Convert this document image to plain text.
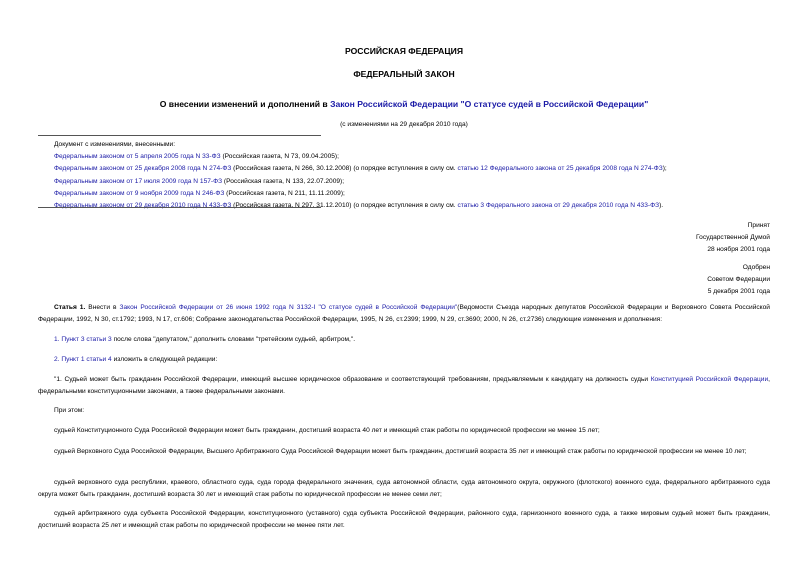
РОССИЙСКАЯ ФЕДЕРАЦИЯ
ФЕДЕРАЛЬНЫЙ ЗАКОН
О внесении изменений и дополнений в Закон Российской Федерации "О статусе судей в Российской Федерации"
(с изменениями на 29 декабря 2010 года)
Документ с изменениями, внесенными:
Федеральным законом от 5 апреля 2005 года N 33-ФЗ (Российская газета, N 73, 09.04.2005);
Федеральным законом от 25 декабря 2008 года N 274-ФЗ (Российская газета, N 266, 30.12.2008) (о порядке вступления в силу см. статью 12 Федерального закона от 25 декабря 2008 года N 274-ФЗ);
Федеральным законом от 17 июля 2009 года N 157-ФЗ (Российская газета, N 133, 22.07.2009);
Федеральным законом от 9 ноября 2009 года N 246-ФЗ (Российская газета, N 211, 11.11.2009);
Федеральным законом от 29 декабря 2010 года N 433-ФЗ (Российская газета, N 297, 31.12.2010) (о порядке вступления в силу см. статью 3 Федерального закона от 29 декабря 2010 года N 433-ФЗ).
Принят
Государственной Думой
28 ноября 2001 года
Одобрен
Советом Федерации
5 декабря 2001 года
Статья 1. Внести в Закон Российской Федерации от 26 июня 1992 года N 3132-I "О статусе судей в Российской Федерации"(Ведомости Съезда народных депутатов Российской Федерации и Верховного Совета Российской Федерации, 1992, N 30, ст.1792; 1993, N 17, ст.606; Собрание законодательства Российской Федерации, 1995, N 26, ст.2399; 1999, N 29, ст.3690; 2000, N 26, ст.2736) следующие изменения и дополнения:
1. Пункт 3 статьи 3 после слова "депутатом," дополнить словами "третейским судьей, арбитром,".
2. Пункт 1 статьи 4 изложить в следующей редакции:
"1. Судьей может быть гражданин Российской Федерации, имеющий высшее юридическое образование и соответствующий требованиям, предъявляемым к кандидату на должность судьи Конституцией Российской Федерации, федеральными конституционными законами, а также федеральными законами.
При этом:
судьей Конституционного Суда Российской Федерации может быть гражданин, достигший возраста 40 лет и имеющий стаж работы по юридической профессии не менее 15 лет;
судьей Верховного Суда Российской Федерации, Высшего Арбитражного Суда Российской Федерации может быть гражданин, достигший возраста 35 лет и имеющий стаж работы по юридической профессии не менее 10 лет;
судьей верховного суда республики, краевого, областного суда, суда города федерального значения, суда автономной области, суда автономного округа, окружного (флотского) военного суда, федерального арбитражного суда округа может быть гражданин, достигший возраста 30 лет и имеющий стаж работы по юридической профессии не менее семи лет;
судьей арбитражного суда субъекта Российской Федерации, конституционного (уставного) суда субъекта Российской Федерации, районного суда, гарнизонного военного суда, а также мировым судьей может быть гражданин, достигший возраста 25 лет и имеющий стаж работы по юридической профессии не менее пяти лет.
